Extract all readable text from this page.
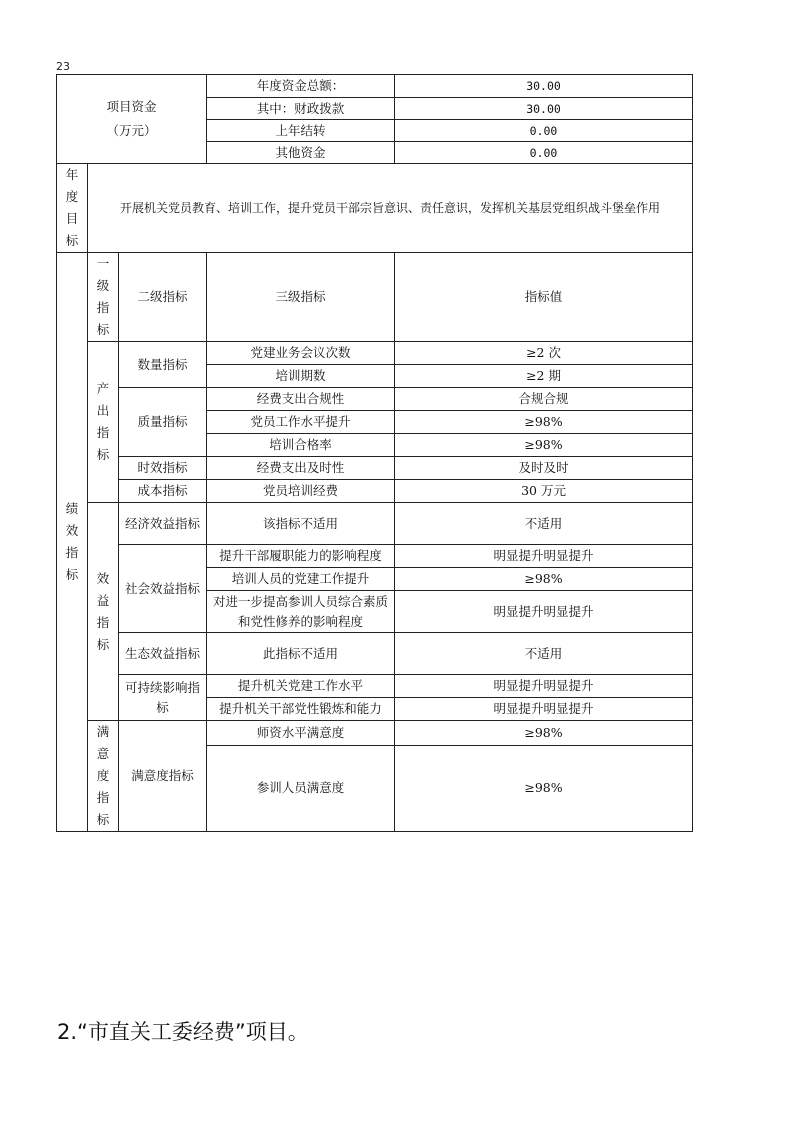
23
项目资金
（万元）			年度资金总额：	30.00
			其中：财政拨款	30.00
			上年结转	0.00
			其他资金	0.00

年度目标	开展机关党员教育、培训工作，提升党员干部宗旨意识、责任意识，发挥机关基层党组织战斗堡垒作用			

绩效指标	一级指标	二级指标	三级指标	指标值

	产出指标	数量指标	党建业务会议次数	≥2 次
			培训期数	≥2 期
		质量指标	经费支出合规性	合规合规
			党员工作水平提升	≥98%
			培训合格率	≥98%
		时效指标	经费支出及时性	及时及时
		成本指标	党员培训经费	30 万元

	效益指标	经济效益指标	该指标不适用	不适用
		社会效益指标	提升干部履职能力的影响程度	明显提升明显提升
			培训人员的党建工作提升	≥98%
			对进一步提高参训人员综合素质和党性修养的影响程度	明显提升明显提升
		生态效益指标	此指标不适用	不适用
		可持续影响指标	提升机关党建工作水平	明显提升明显提升
			提升机关干部党性锻炼和能力	明显提升明显提升

	满意度指标	满意度指标	师资水平满意度	≥98%
			参训人员满意度	≥98%
2.“市直关工委经费”项目。
